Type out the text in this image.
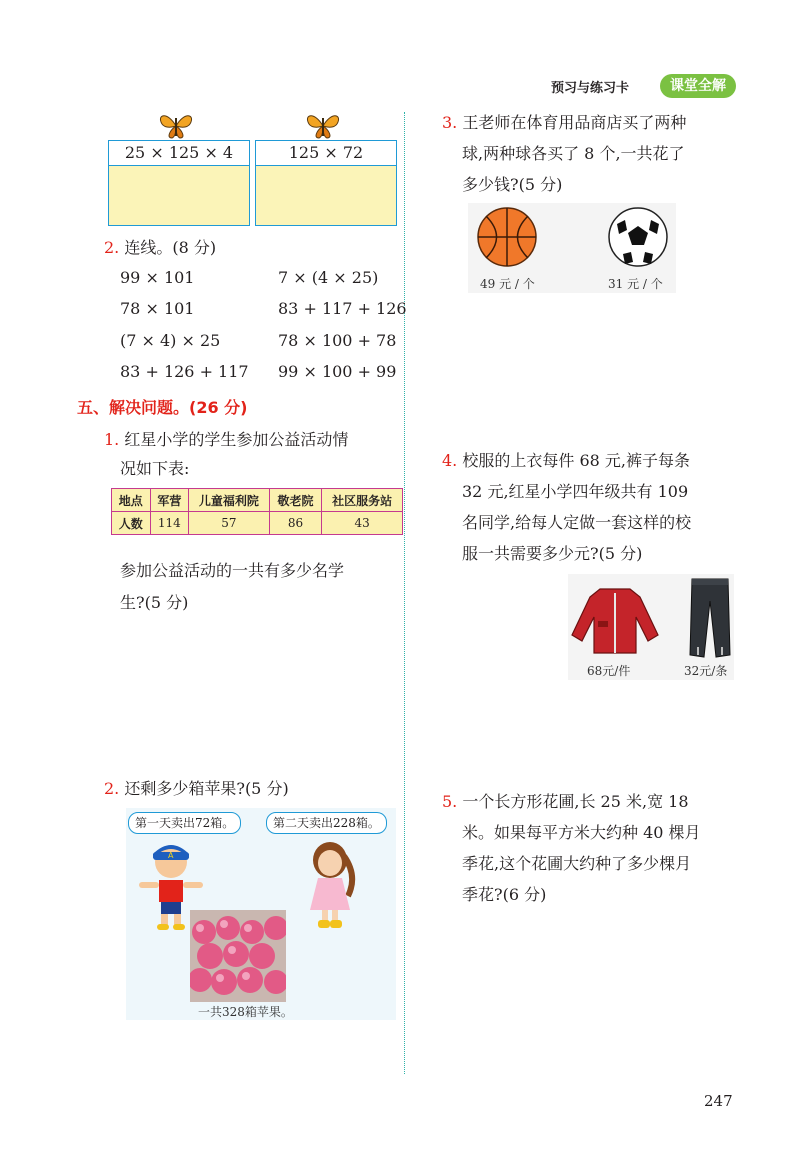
预习与练习卡	课堂全解
25 × 125 × 4	125 × 72
2. 连线。(8 分)
99 × 101
78 × 101
(7 × 4) × 25
83 + 126 + 117
7 × (4 × 25)
83 + 117 + 126
78 × 100 + 78
99 × 100 + 99
五、解决问题。(26 分)
1. 红星小学的学生参加公益活动情
况如下表:
地点	军营	儿童福利院	敬老院	社区服务站
人数	114	57	86	43
参加公益活动的一共有多少名学
生?(5 分)
2. 还剩多少箱苹果?(5 分)
第一天卖出72箱。	第二天卖出228箱。
A
一共328箱苹果。
3. 王老师在体育用品商店买了两种
球,两种球各买了 8 个,一共花了
多少钱?(5 分)
49 元 / 个	31 元 / 个
4. 校服的上衣每件 68 元,裤子每条
32 元,红星小学四年级共有 109
名同学,给每人定做一套这样的校
服一共需要多少元?(5 分)
68元/件	32元/条
5. 一个长方形花圃,长 25 米,宽 18
米。如果每平方米大约种 40 棵月
季花,这个花圃大约种了多少棵月
季花?(6 分)
247
